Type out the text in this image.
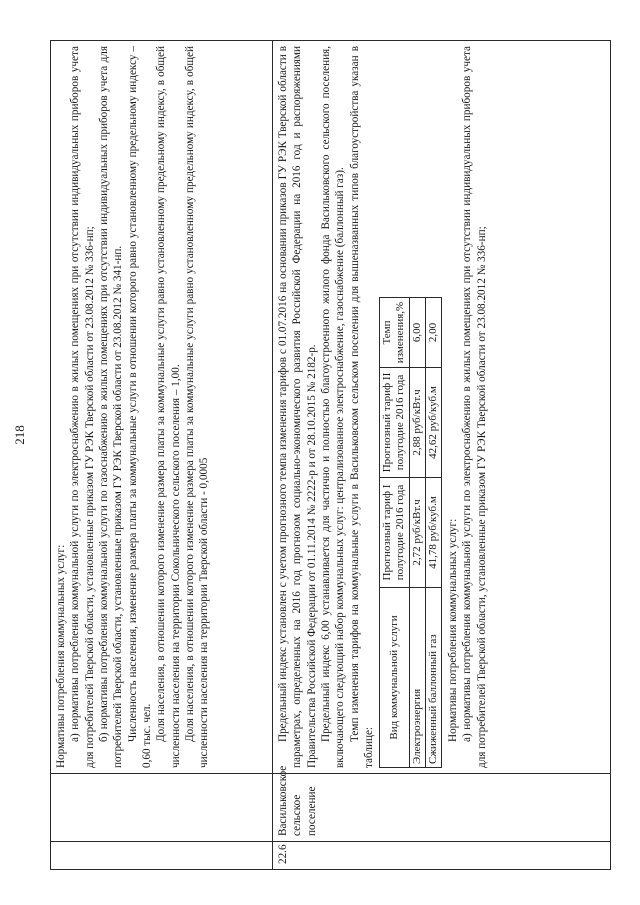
218

Нормативы потребления коммунальных услуг: а) нормативы потребления коммунальной услуги по электроснабжению в жилых помещениях при отсутствии индивидуальных приборов учета для потребителей Тверской области, установленные приказом ГУ РЭК Тверской области от 23.08.2012 № 336-нп; б) нормативы потребления коммунальной услуги по газоснабжению в жилых помещениях при отсутствии индивидуальных приборов учета для потребителей Тверской области, установленные приказом ГУ РЭК Тверской области от 23.08.2012 № 341-нп. Численность населения, изменение размера платы за коммунальные услуги в отношении которого равно установленному предельному индексу – 0,60 тыс. чел. Доля населения, в отношении которого изменение размера платы за коммунальные услуги равно установленному предельному индексу, в общей численности населения на территории Сокольнического сельского поселения – 1,00. Доля населения, в отношении которого изменение размера платы за коммунальные услуги равно установленному предельному индексу, в общей численности населения на территории Тверской области - 0,0005

22.6	Васильковское сельское поселение	

Предельный индекс установлен с учетом прогнозного темпа изменения тарифов с 01.07.2016 на основании приказов ГУ РЭК Тверской области в параметрах, определенных на 2016 год прогнозом социально-экономического развития Российской Федерации на 2016 год и распоряжениями Правительства Российской Федерации от 01.11.2014 № 2222-р и от 28.10.2015 № 2182-р. Предельный индекс 6,00 устанавливается для частично и полностью благоустроенного жилого фонда Васильковского сельского поселения, включающего следующий набор коммунальных услуг: централизованное электроснабжение, газоснабжение (баллонный газ). Темп изменения тарифов на коммунальные услуги в Васильковском сельском поселении для вышеназванных типов благоустройства указан в таблице:

Вид коммунальной услуги	Прогнозный тариф I полугодие 2016 года	Прогнозный тариф II полугодие 2016 года	Темп изменения,%
Электроэнергия	2,72 руб/кВт.ч	2,88 руб/кВт.ч	6,00
Сжиженный баллонный газ	41,78 руб/куб.м	42,62 руб/куб.м	2,00

Нормативы потребления коммунальных услуг: а) нормативы потребления коммунальной услуги по электроснабжению в жилых помещениях при отсутствии индивидуальных приборов учета для потребителей Тверской области, установленные приказом ГУ РЭК Тверской области от 23.08.2012 № 336-нп;
